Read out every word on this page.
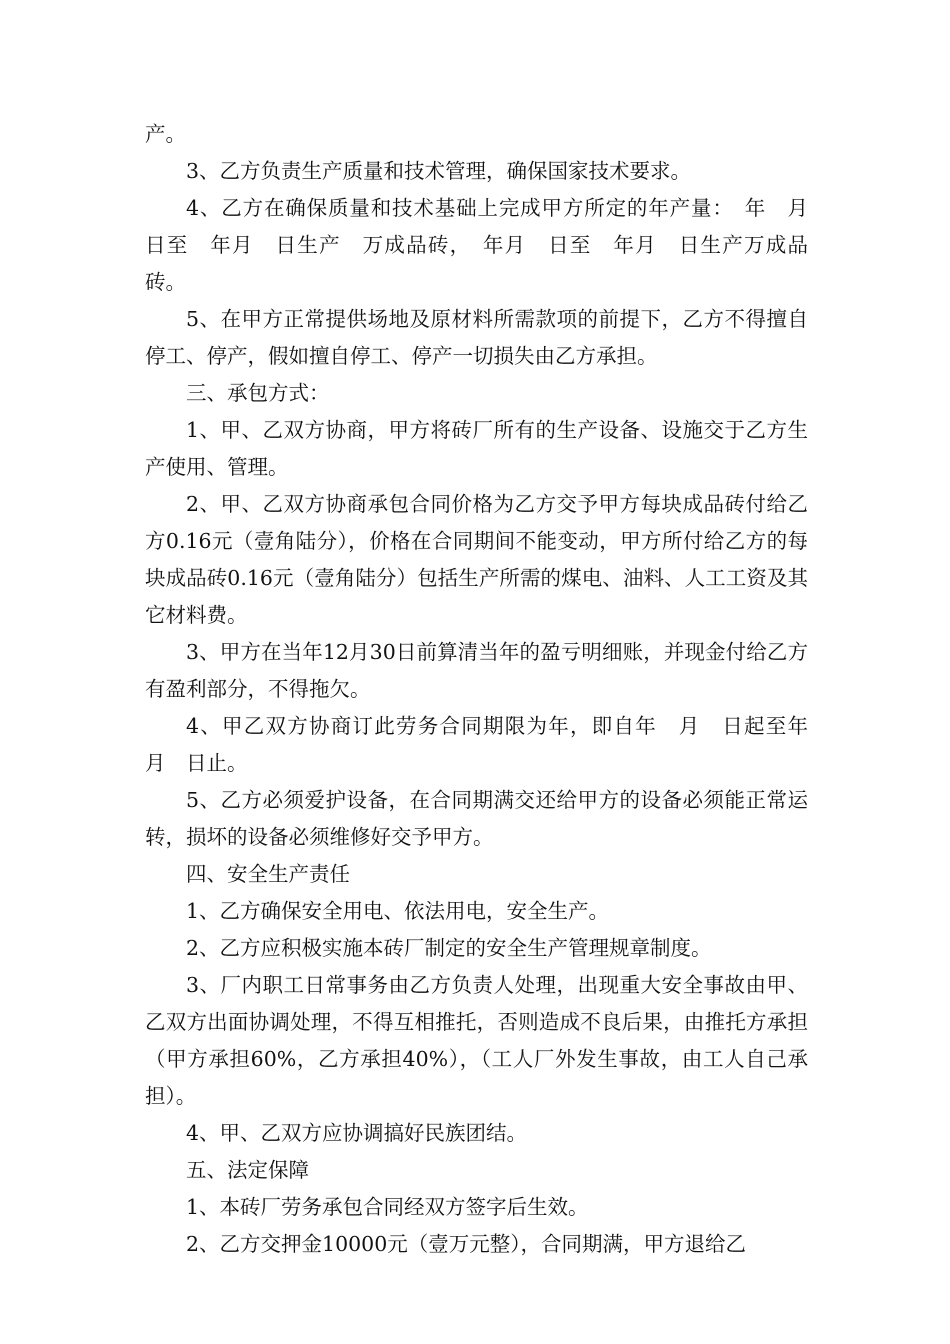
产。

3、乙方负责生产质量和技术管理，确保国家技术要求。

4、乙方在确保质量和技术基础上完成甲方所定的年产量：　年　月　日至　年月　日生产　万成品砖，　年月　日至　年月　日生产万成品砖。

5、在甲方正常提供场地及原材料所需款项的前提下，乙方不得擅自停工、停产，假如擅自停工、停产一切损失由乙方承担。

三、承包方式：

1、甲、乙双方协商，甲方将砖厂所有的生产设备、设施交于乙方生产使用、管理。

2、甲、乙双方协商承包合同价格为乙方交予甲方每块成品砖付给乙方0.16元（壹角陆分），价格在合同期间不能变动，甲方所付给乙方的每块成品砖0.16元（壹角陆分）包括生产所需的煤电、油料、人工工资及其它材料费。

3、甲方在当年12月30日前算清当年的盈亏明细账，并现金付给乙方有盈利部分，不得拖欠。

4、甲乙双方协商订此劳务合同期限为年，即自年　月　日起至年　月　日止。

5、乙方必须爱护设备，在合同期满交还给甲方的设备必须能正常运转，损坏的设备必须维修好交予甲方。

四、安全生产责任

1、乙方确保安全用电、依法用电，安全生产。

2、乙方应积极实施本砖厂制定的安全生产管理规章制度。

3、厂内职工日常事务由乙方负责人处理，出现重大安全事故由甲、乙双方出面协调处理，不得互相推托，否则造成不良后果，由推托方承担（甲方承担60%，乙方承担40%），（工人厂外发生事故，由工人自己承担）。

4、甲、乙双方应协调搞好民族团结。

五、法定保障

1、本砖厂劳务承包合同经双方签字后生效。

2、乙方交押金10000元（壹万元整），合同期满，甲方退给乙
